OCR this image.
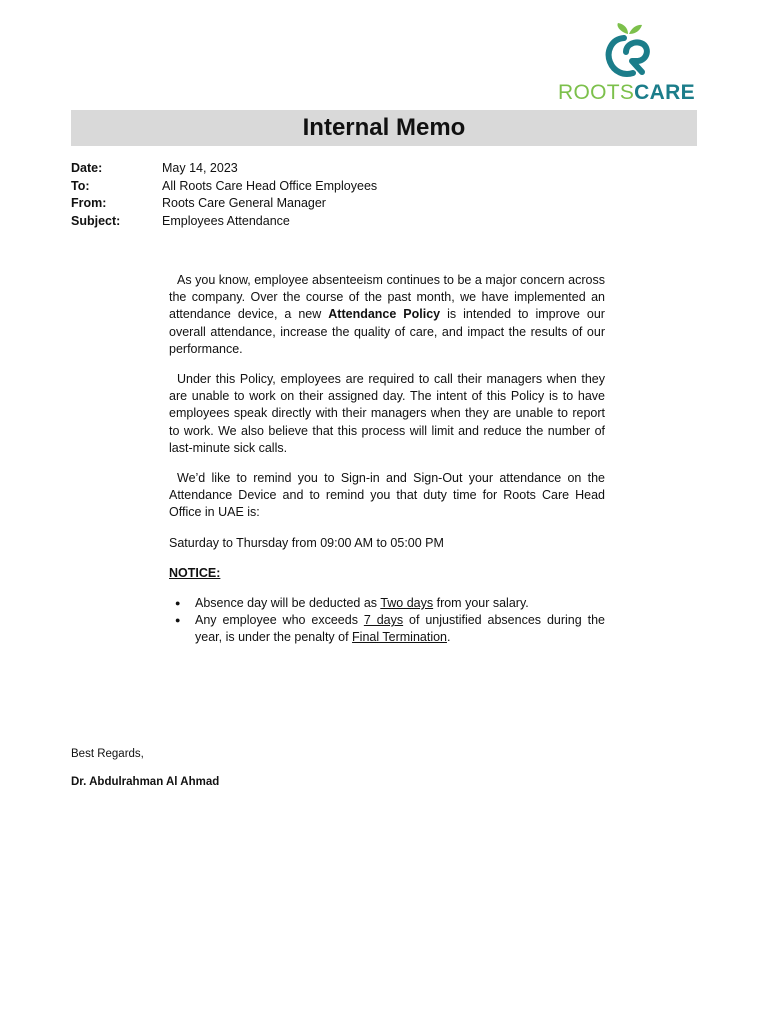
ROOTSCARE
Internal Memo
Date:	May 14, 2023
To:	All Roots Care Head Office Employees
From:	Roots Care General Manager
Subject:	Employees Attendance

As you know, employee absenteeism continues to be a major concern across the company. Over the course of the past month, we have implemented an attendance device, a new Attendance Policy is intended to improve our overall attendance, increase the quality of care, and impact the results of our performance.

Under this Policy, employees are required to call their managers when they are unable to work on their assigned day. The intent of this Policy is to have employees speak directly with their managers when they are unable to report to work. We also believe that this process will limit and reduce the number of last-minute sick calls.

We’d like to remind you to Sign-in and Sign-Out your attendance on the Attendance Device and to remind you that duty time for Roots Care Head Office in UAE is:

Saturday to Thursday from 09:00 AM to 05:00 PM

NOTICE:

● Absence day will be deducted as Two days from your salary.
● Any employee who exceeds 7 days of unjustified absences during the year, is under the penalty of Final Termination.
Best Regards,
Dr. Abdulrahman Al Ahmad
